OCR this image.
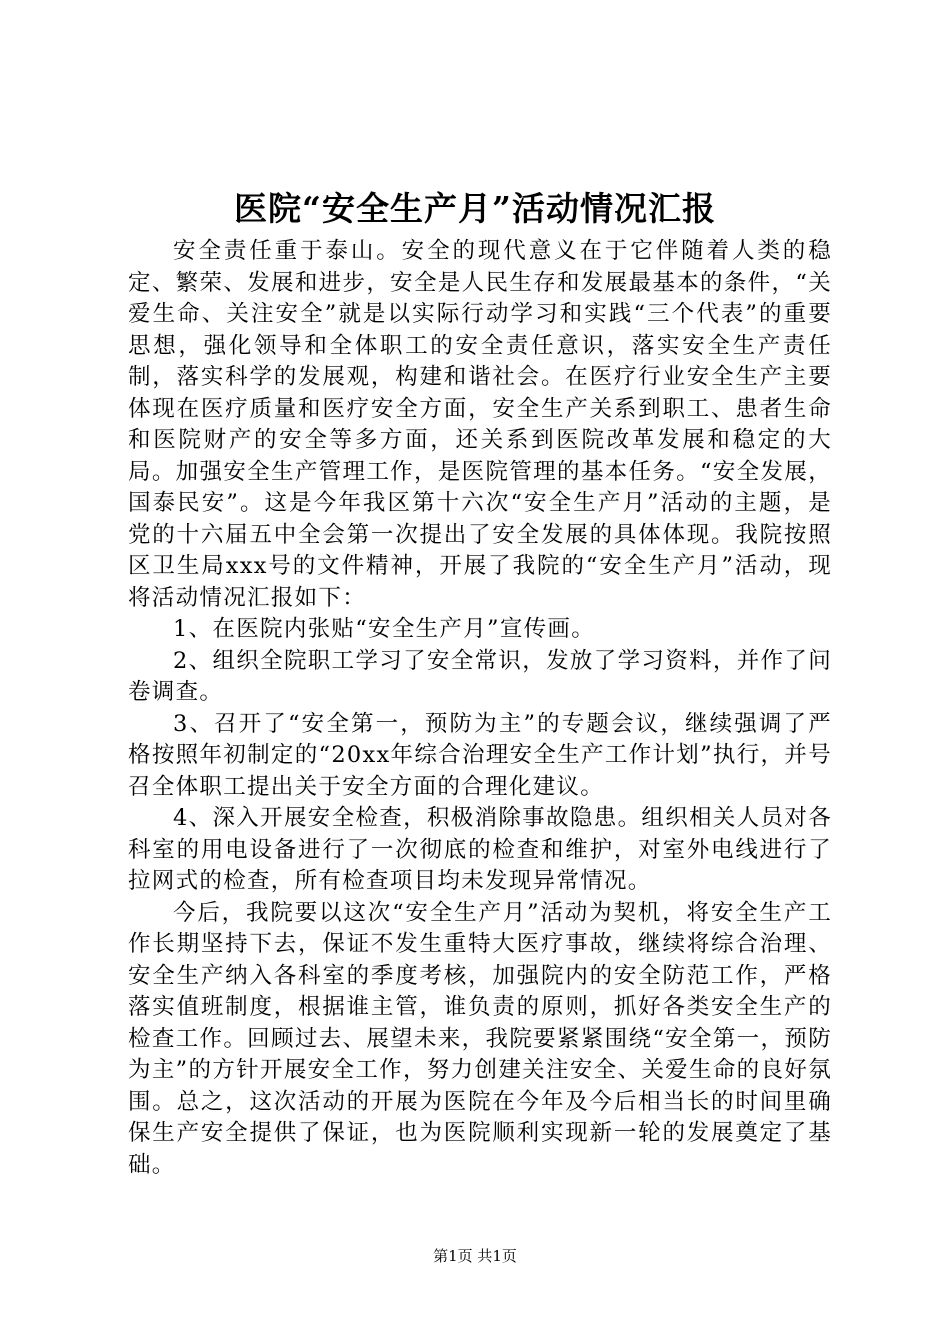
医院“安全生产月”活动情况汇报

安全责任重于泰山。安全的现代意义在于它伴随着人类的稳定、繁荣、发展和进步，安全是人民生存和发展最基本的条件，“关爱生命、关注安全”就是以实际行动学习和实践“三个代表”的重要思想，强化领导和全体职工的安全责任意识，落实安全生产责任制，落实科学的发展观，构建和谐社会。在医疗行业安全生产主要体现在医疗质量和医疗安全方面，安全生产关系到职工、患者生命和医院财产的安全等多方面，还关系到医院改革发展和稳定的大局。加强安全生产管理工作，是医院管理的基本任务。“安全发展，国泰民安”。这是今年我区第十六次“安全生产月”活动的主题，是党的十六届五中全会第一次提出了安全发展的具体体现。我院按照区卫生局xxx号的文件精神，开展了我院的“安全生产月”活动，现将活动情况汇报如下：

1、在医院内张贴“安全生产月”宣传画。

2、组织全院职工学习了安全常识，发放了学习资料，并作了问卷调查。

3、召开了“安全第一，预防为主”的专题会议，继续强调了严格按照年初制定的“20xx年综合治理安全生产工作计划”执行，并号召全体职工提出关于安全方面的合理化建议。

4、深入开展安全检查，积极消除事故隐患。组织相关人员对各科室的用电设备进行了一次彻底的检查和维护，对室外电线进行了拉网式的检查，所有检查项目均未发现异常情况。

今后，我院要以这次“安全生产月”活动为契机，将安全生产工作长期坚持下去，保证不发生重特大医疗事故，继续将综合治理、安全生产纳入各科室的季度考核，加强院内的安全防范工作，严格落实值班制度，根据谁主管，谁负责的原则，抓好各类安全生产的检查工作。回顾过去、展望未来，我院要紧紧围绕“安全第一，预防为主”的方针开展安全工作，努力创建关注安全、关爱生命的良好氛围。总之，这次活动的开展为医院在今年及今后相当长的时间里确保生产安全提供了保证，也为医院顺利实现新一轮的发展奠定了基础。

第1页 共1页
